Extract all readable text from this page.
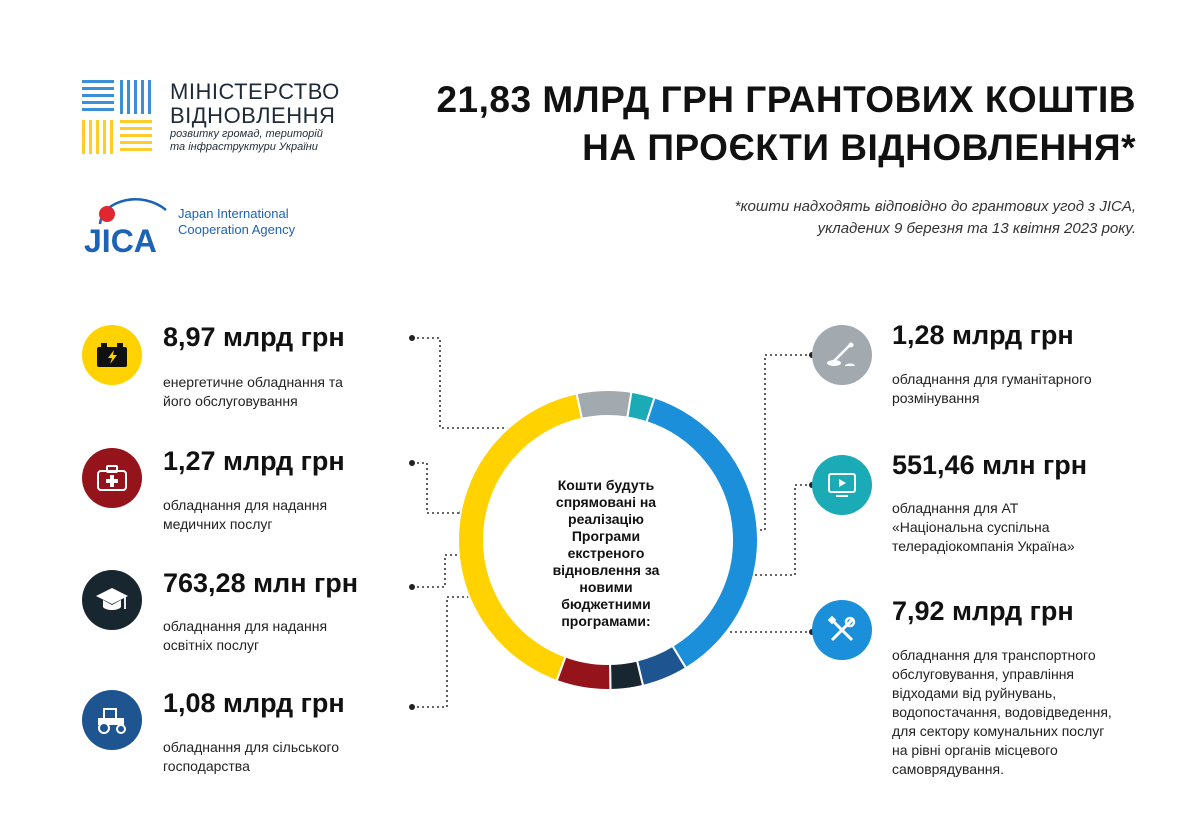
МІНІСТЕРСТВО
ВІДНОВЛЕННЯ
розвитку громад, територій
та інфраструктури України
JICA
Japan International
Cooperation Agency
21,83 МЛРД ГРН ГРАНТОВИХ КОШТІВ
НА ПРОЄКТИ ВІДНОВЛЕННЯ*
*кошти надходять відповідно до грантових угод з JICA,
укладених 9 березня та 13 квітня 2023 року.
Кошти будуть
спрямовані на
реалізацію
Програми екстреного
відновлення за
новими бюджетними
програмами:
8,97 млрд грн
енергетичне обладнання та
його обслуговування
1,27 млрд грн
обладнання для надання
медичних послуг
763,28 млн грн
обладнання для надання
освітніх послуг
1,08 млрд грн
обладнання для сільського
господарства
1,28 млрд грн
обладнання для гуманітарного
розмінування
551,46 млн грн
обладнання для АТ
«Національна суспільна
телерадіокомпанія Україна»
7,92 млрд грн
обладнання для транспортного
обслуговування, управління
відходами від руйнувань,
водопостачання, водовідведення,
для сектору комунальних послуг
на рівні органів місцевого
самоврядування.
